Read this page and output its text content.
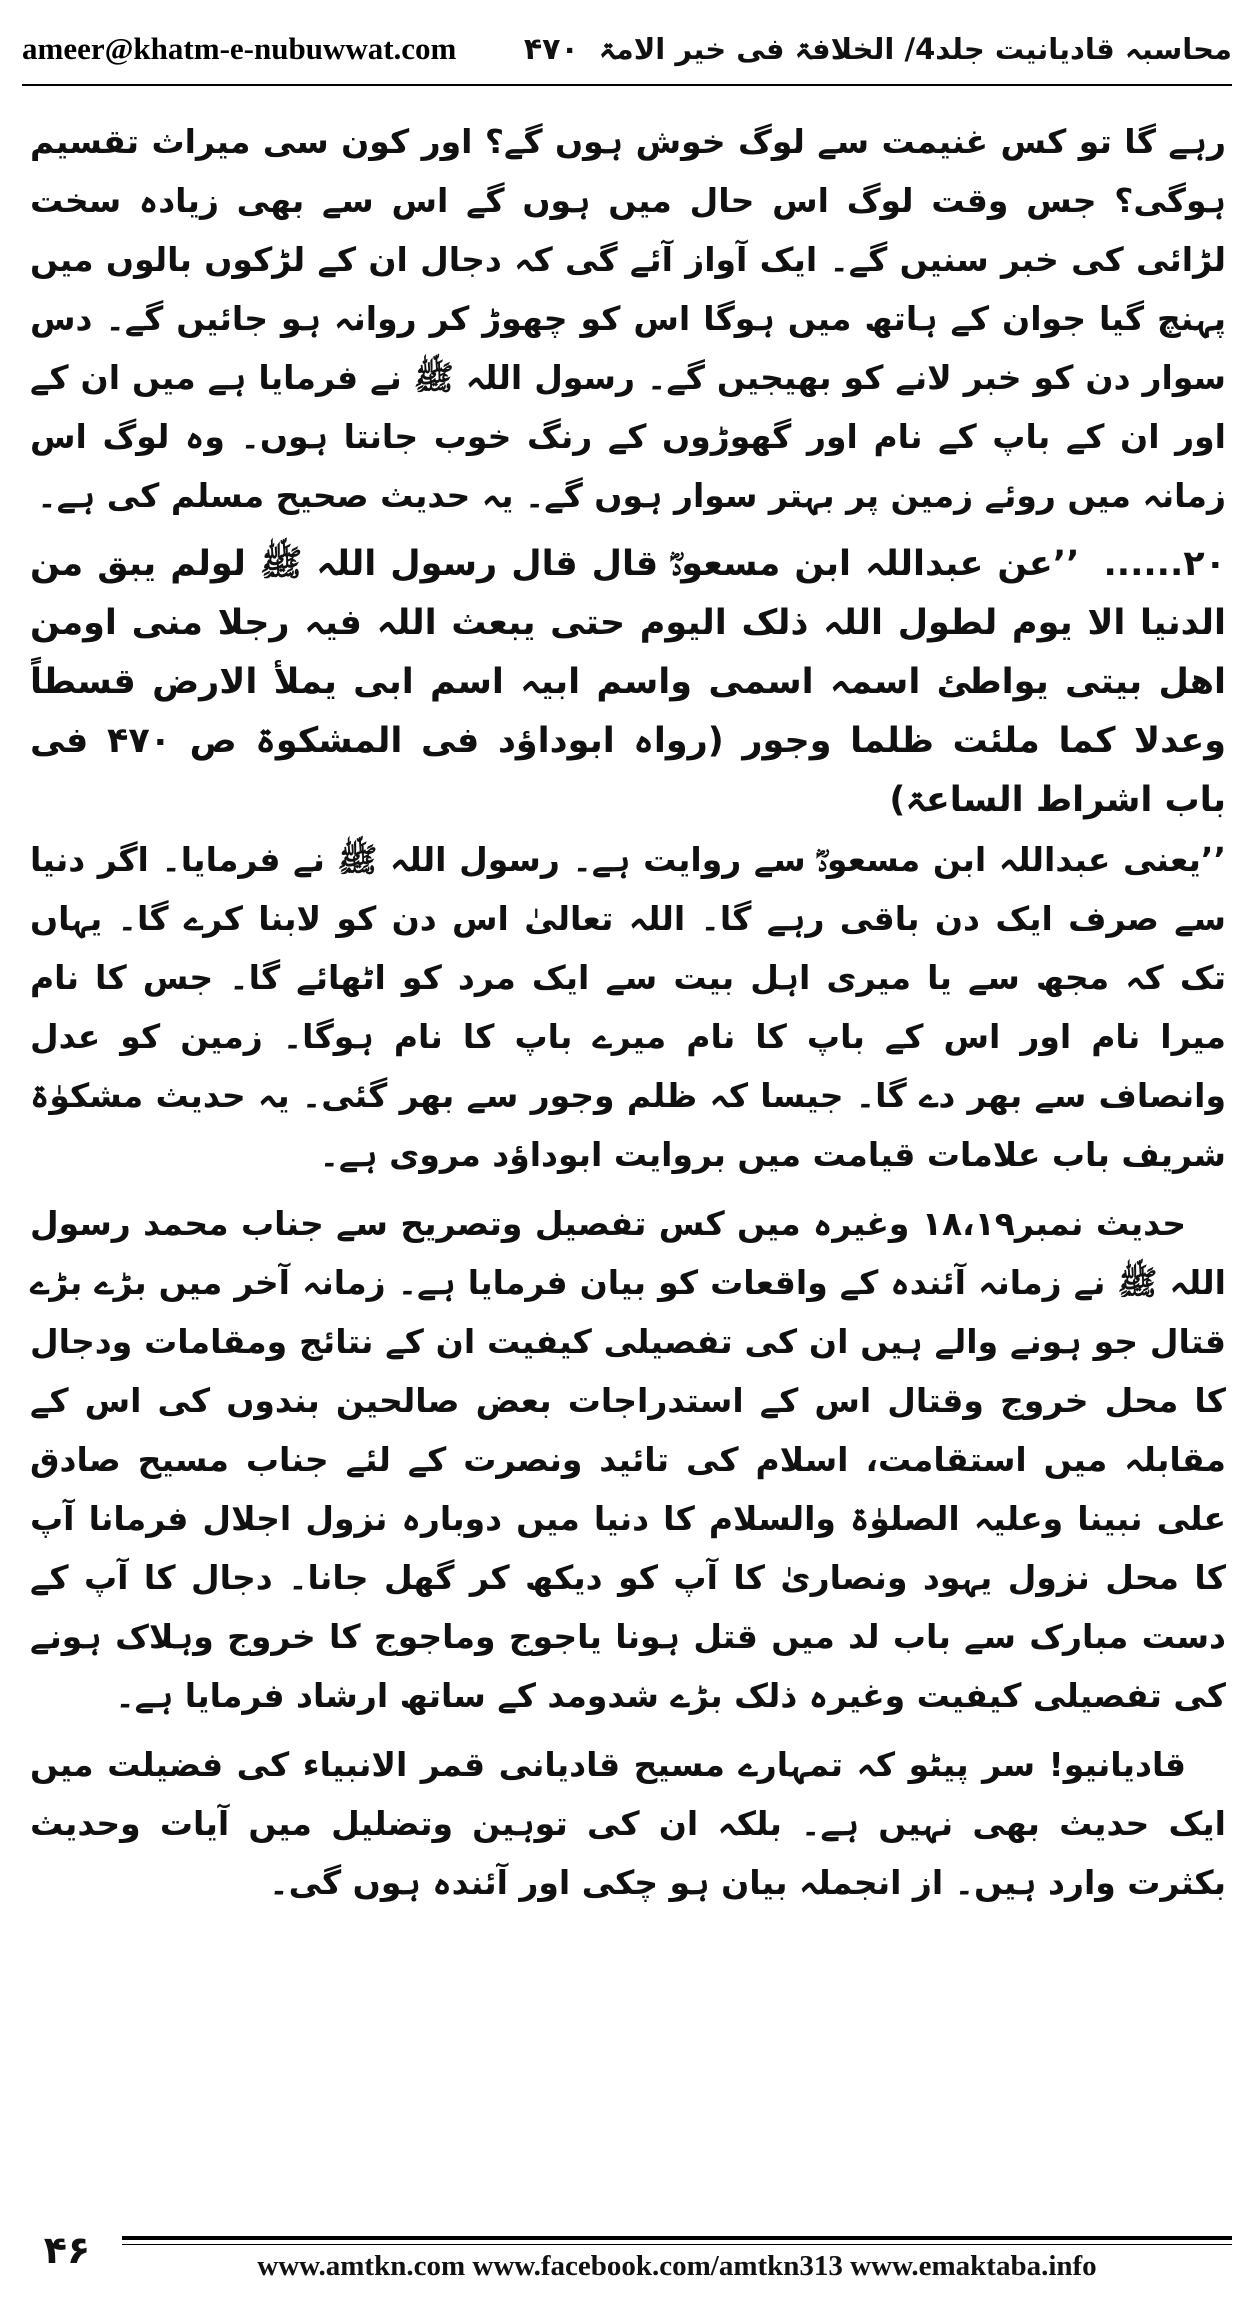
ameer@khatm-e-nubuwwat.com	محاسبہ قادیانیت جلد4/ الخلافۃ فی خیر الامۃ
۴۷۰

رہے گا تو کس غنیمت سے لوگ خوش ہوں گے؟ اور کون سی میراث تقسیم ہوگی؟ جس وقت لوگ اس حال میں ہوں گے اس سے بھی زیادہ سخت لڑائی کی خبر سنیں گے۔ ایک آواز آئے گی کہ دجال ان کے لڑکوں بالوں میں پہنچ گیا جوان کے ہاتھ میں ہوگا اس کو چھوڑ کر روانہ ہو جائیں گے۔ دس سوار دن کو خبر لانے کو بھیجیں گے۔ رسول اللہ ﷺ نے فرمایا ہے میں ان کے اور ان کے باپ کے نام اور گھوڑوں کے رنگ خوب جانتا ہوں۔ وہ لوگ اس زمانہ میں روئے زمین پر بہتر سوار ہوں گے۔ یہ حدیث صحیح مسلم کی ہے۔

۲۰...... ’’عن عبداللہ ابن مسعودؓ قال قال رسول اللہ ﷺ لولم یبق من الدنیا الا یوم لطول اللہ ذلک الیوم حتی یبعث اللہ فیہ رجلا منی اومن اھل بیتی یواطئ اسمہ اسمی واسم ابیہ اسم ابی یملأ الارض قسطاً وعدلا کما ملئت ظلما وجور (رواہ ابوداؤد فی المشکوۃ ص ۴۷۰ فی باب اشراط الساعۃ)

’’یعنی عبداللہ ابن مسعودؓ سے روایت ہے۔ رسول اللہ ﷺ نے فرمایا۔ اگر دنیا سے صرف ایک دن باقی رہے گا۔ اللہ تعالیٰ اس دن کو لابنا کرے گا۔ یہاں تک کہ مجھ سے یا میری اہل بیت سے ایک مرد کو اٹھائے گا۔ جس کا نام میرا نام اور اس کے باپ کا نام میرے باپ کا نام ہوگا۔ زمین کو عدل وانصاف سے بھر دے گا۔ جیسا کہ ظلم وجور سے بھر گئی۔ یہ حدیث مشکوٰۃ شریف باب علامات قیامت میں بروایت ابوداؤد مروی ہے۔

حدیث نمبر۱۸،۱۹ وغیرہ میں کس تفصیل وتصریح سے جناب محمد رسول اللہ ﷺ نے زمانہ آئندہ کے واقعات کو بیان فرمایا ہے۔ زمانہ آخر میں بڑے بڑے قتال جو ہونے والے ہیں ان کی تفصیلی کیفیت ان کے نتائج ومقامات ودجال کا محل خروج وقتال اس کے استدراجات بعض صالحین بندوں کی اس کے مقابلہ میں استقامت، اسلام کی تائید ونصرت کے لئے جناب مسیح صادق علی نبینا وعلیہ الصلوٰۃ والسلام کا دنیا میں دوبارہ نزول اجلال فرمانا آپ کا محل نزول یہود ونصاریٰ کا آپ کو دیکھ کر گھل جانا۔ دجال کا آپ کے دست مبارک سے باب لد میں قتل ہونا یاجوج وماجوج کا خروج وہلاک ہونے کی تفصیلی کیفیت وغیرہ ذلک بڑے شدومد کے ساتھ ارشاد فرمایا ہے۔

قادیانیو! سر پیٹو کہ تمہارے مسیح قادیانی قمر الانبیاء کی فضیلت میں ایک حدیث بھی نہیں ہے۔ بلکہ ان کی توہین وتضلیل میں آیات وحدیث بکثرت وارد ہیں۔ از انجملہ بیان ہو چکی اور آئندہ ہوں گی۔

۴۶	www.amtkn.com www.facebook.com/amtkn313 www.emaktaba.info
